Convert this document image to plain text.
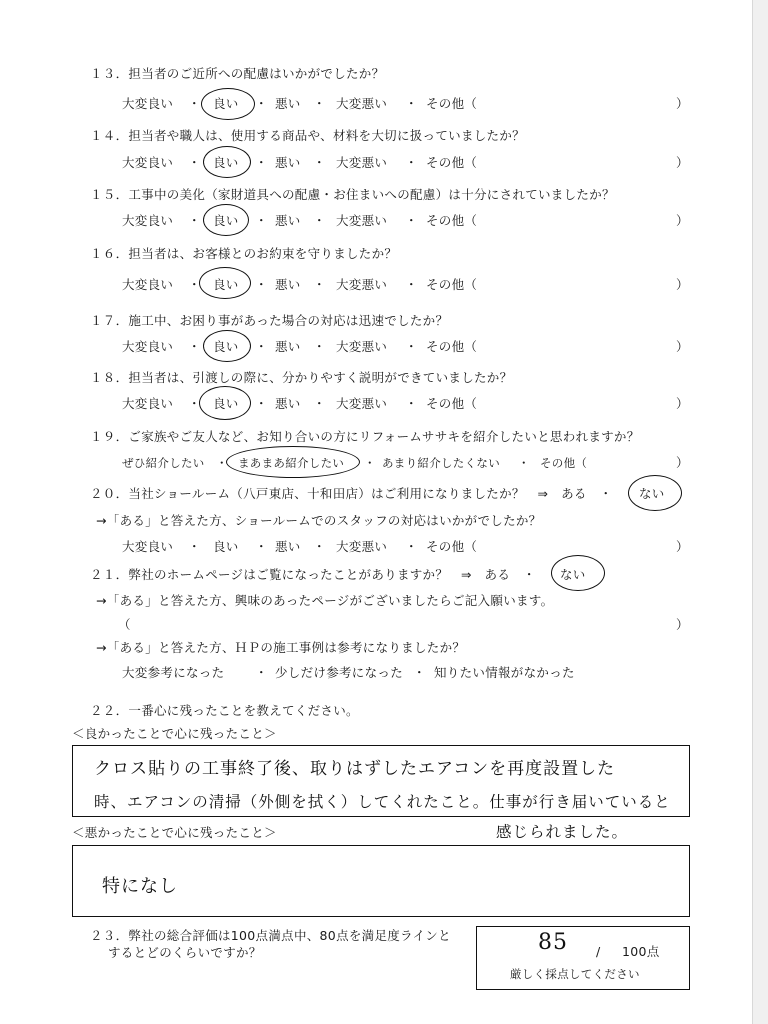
１３．担当者のご近所への配慮はいかがでしたか？
大変良い ・ 良い ・ 悪い ・ 大変悪い ・ その他（	）
１４．担当者や職人は、使用する商品や、材料を大切に扱っていましたか？
大変良い ・ 良い ・ 悪い ・ 大変悪い ・ その他（	）
１５．工事中の美化（家財道具への配慮・お住まいへの配慮）は十分にされていましたか？
大変良い ・ 良い ・ 悪い ・ 大変悪い ・ その他（	）
１６．担当者は、お客様とのお約束を守りましたか？
大変良い ・ 良い ・ 悪い ・ 大変悪い ・ その他（	）
１７．施工中、お困り事があった場合の対応は迅速でしたか？
大変良い ・ 良い ・ 悪い ・ 大変悪い ・ その他（	）
１８．担当者は、引渡しの際に、分かりやすく説明ができていましたか？
大変良い ・ 良い ・ 悪い ・ 大変悪い ・ その他（	）
１９．ご家族やご友人など、お知り合いの方にリフォームササキを紹介したいと思われますか？
ぜひ紹介したい ・ まあまあ紹介したい ・ あまり紹介したくない ・ その他（	）
２０．当社ショールーム（八戸東店、十和田店）はご利用になりましたか？　⇒　ある　・ ない
→「ある」と答えた方、ショールームでのスタッフの対応はいかがでしたか？
大変良い ・ 良い ・ 悪い ・ 大変悪い ・ その他（	）
２１．弊社のホームページはご覧になったことがありますか？　⇒　ある　・ ない
→「ある」と答えた方、興味のあったページがございましたらご記入願います。
（	）
→「ある」と答えた方、ＨＰの施工事例は参考になりましたか？
大変参考になった ・ 少しだけ参考になった ・ 知りたい情報がなかった
２２．一番心に残ったことを教えてください。
＜良かったことで心に残ったこと＞
クロス貼りの工事終了後、取りはずしたエアコンを再度設置した
時、エアコンの清掃（外側を拭く）してくれたこと。仕事が行き届いていると
感じられました。
＜悪かったことで心に残ったこと＞
特になし
２３．弊社の総合評価は100点満点中、80点を満足度ラインと
するとどのくらいですか？	85 / 100点
厳しく採点してください
